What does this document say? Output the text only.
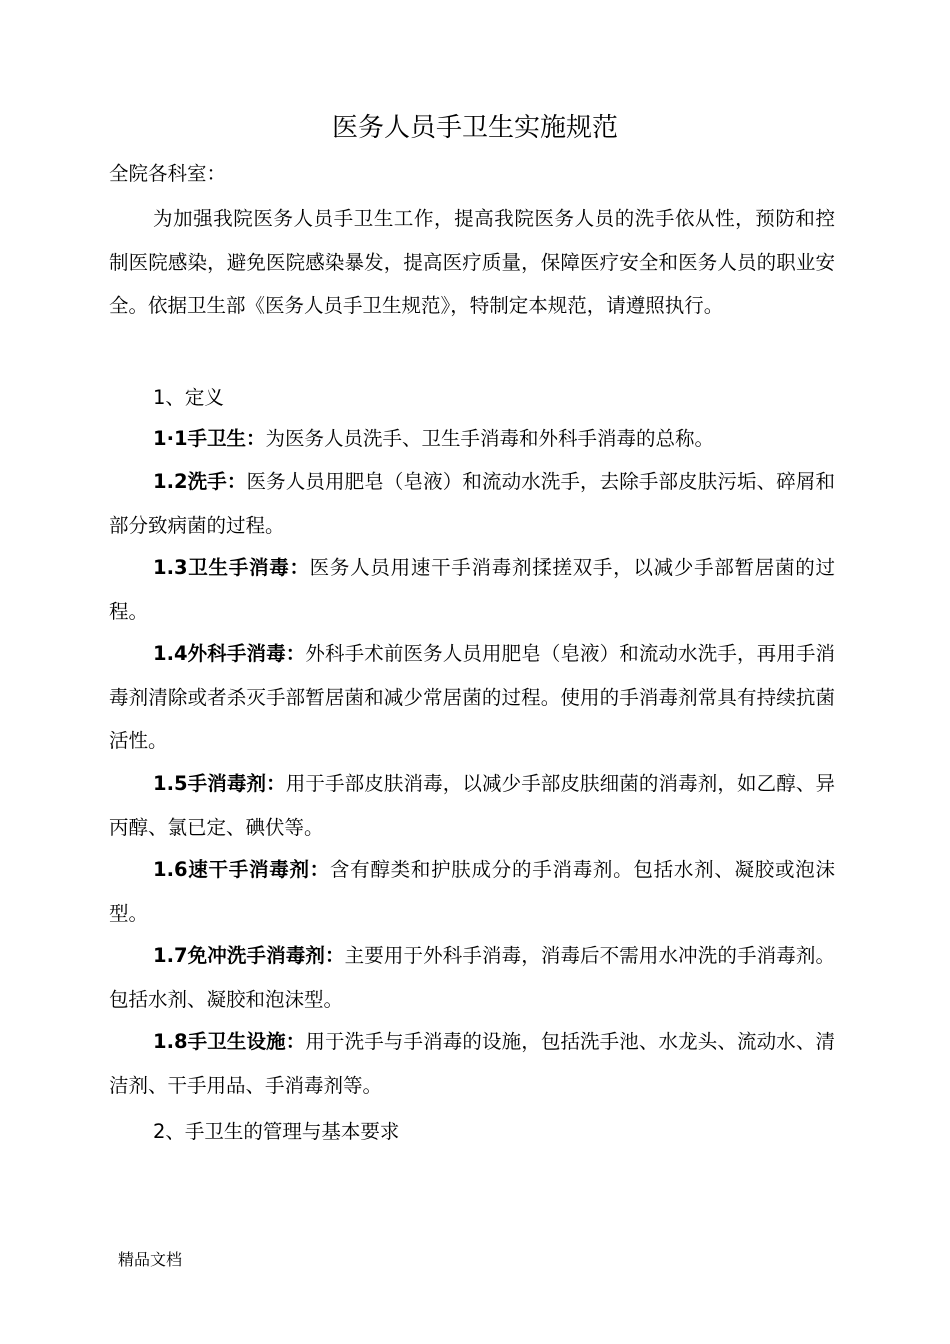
医务人员手卫生实施规范

全院各科室：

为加强我院医务人员手卫生工作，提高我院医务人员的洗手依从性，预防和控制医院感染，避免医院感染暴发，提高医疗质量，保障医疗安全和医务人员的职业安全。依据卫生部《医务人员手卫生规范》，特制定本规范，请遵照执行。

1、定义

1·1手卫生：为医务人员洗手、卫生手消毒和外科手消毒的总称。

1.2洗手：医务人员用肥皂（皂液）和流动水洗手，去除手部皮肤污垢、碎屑和部分致病菌的过程。

1.3卫生手消毒：医务人员用速干手消毒剂揉搓双手，以减少手部暂居菌的过程。

1.4外科手消毒：外科手术前医务人员用肥皂（皂液）和流动水洗手，再用手消毒剂清除或者杀灭手部暂居菌和减少常居菌的过程。使用的手消毒剂常具有持续抗菌活性。

1.5手消毒剂：用于手部皮肤消毒，以减少手部皮肤细菌的消毒剂，如乙醇、异丙醇、氯已定、碘伏等。

1.6速干手消毒剂：含有醇类和护肤成分的手消毒剂。包括水剂、凝胶或泡沫型。

1.7免冲洗手消毒剂：主要用于外科手消毒，消毒后不需用水冲洗的手消毒剂。包括水剂、凝胶和泡沫型。

1.8手卫生设施：用于洗手与手消毒的设施，包括洗手池、水龙头、流动水、清洁剂、干手用品、手消毒剂等。

2、手卫生的管理与基本要求

精品文档
